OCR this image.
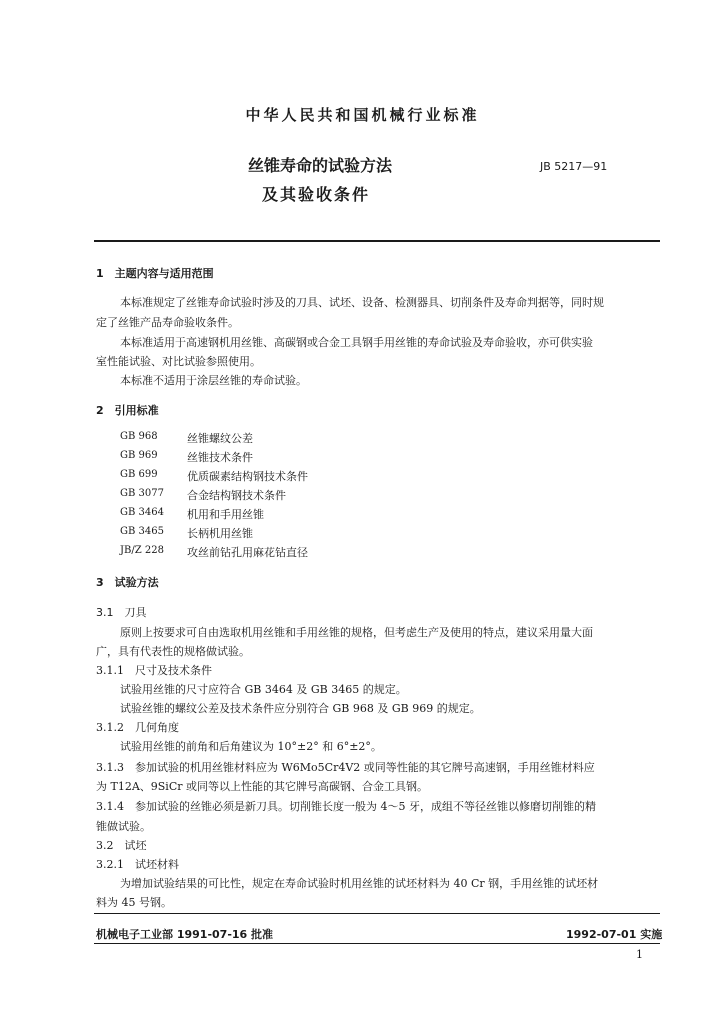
中华人民共和国机械行业标准
丝锥寿命的试验方法
及其验收条件
JB 5217—91
1　主题内容与适用范围
本标准规定了丝锥寿命试验时涉及的刀具、试坯、设备、检测器具、切削条件及寿命判据等，同时规
定了丝锥产品寿命验收条件。
本标准适用于高速钢机用丝锥、高碳钢或合金工具钢手用丝锥的寿命试验及寿命验收，亦可供实验
室性能试验、对比试验参照使用。
本标准不适用于涂层丝锥的寿命试验。
2　引用标准
GB 968	丝锥螺纹公差
GB 969	丝锥技术条件
GB 699	优质碳素结构钢技术条件
GB 3077 合金结构钢技术条件
GB 3464 机用和手用丝锥
GB 3465 长柄机用丝锥
JB/Z 228 攻丝前钻孔用麻花钻直径
3　试验方法
3.1　刀具
原则上按要求可自由选取机用丝锥和手用丝锥的规格，但考虑生产及使用的特点，建议采用量大面
广，具有代表性的规格做试验。
3.1.1　尺寸及技术条件
试验用丝锥的尺寸应符合 GB 3464 及 GB 3465 的规定。
试验丝锥的螺纹公差及技术条件应分别符合 GB 968 及 GB 969 的规定。
3.1.2　几何角度
试验用丝锥的前角和后角建议为 10°±2° 和 6°±2°。
3.1.3　参加试验的机用丝锥材料应为 W6Mo5Cr4V2 或同等性能的其它牌号高速钢，手用丝锥材料应
为 T12A、9SiCr 或同等以上性能的其它牌号高碳钢、合金工具钢。
3.1.4　参加试验的丝锥必须是新刀具。切削锥长度一般为 4～5 牙，成组不等径丝锥以修磨切削锥的精
锥做试验。
3.2　试坯
3.2.1　试坯材料
为增加试验结果的可比性，规定在寿命试验时机用丝锥的试坯材料为 40 Cr 钢，手用丝锥的试坯材
料为 45 号钢。
机械电子工业部 1991-07-16 批准	1992-07-01 实施
1
